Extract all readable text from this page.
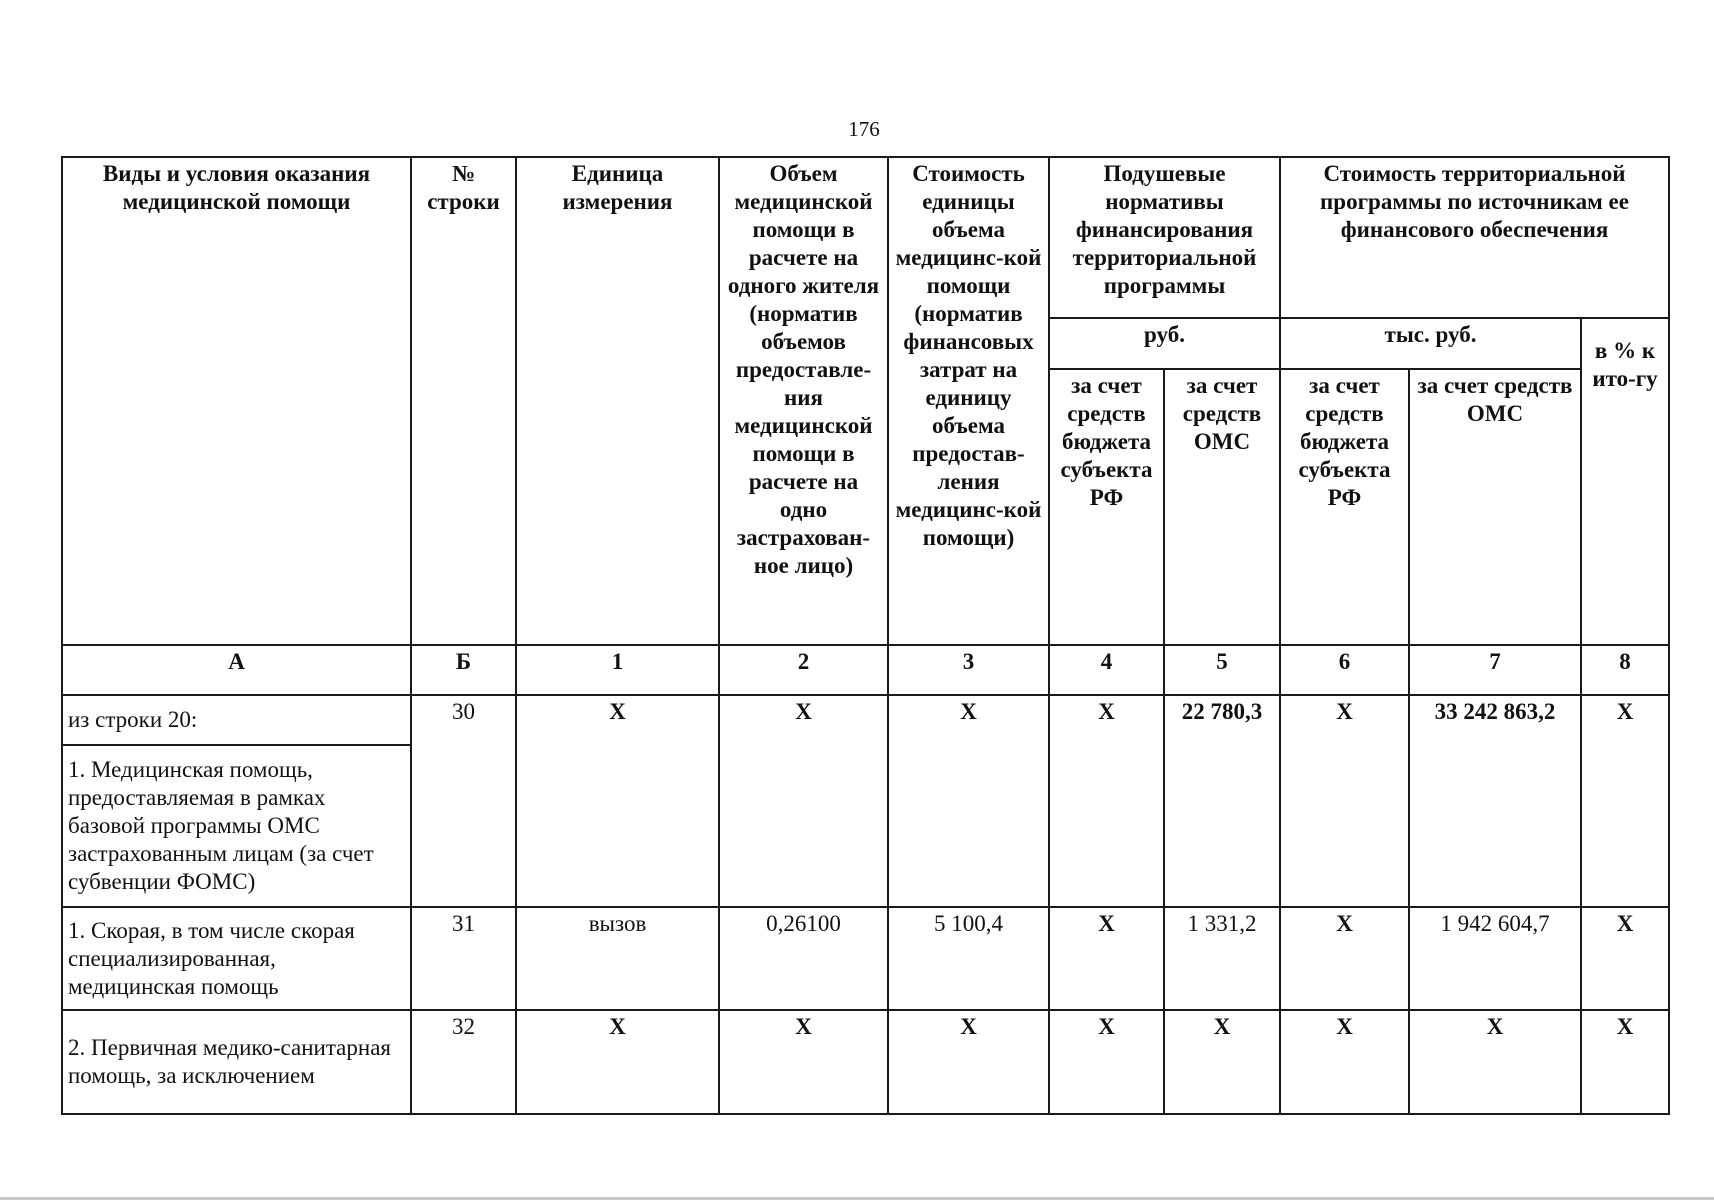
176
Виды и условия оказания медицинской помощи	№ строки	Единица измерения	Объем медицинской помощи в расчете на одного жителя (норматив объемов предоставле-ния медицинской помощи в расчете на одно застрахован-ное лицо)	Стоимость единицы объема медицинс-кой помощи (норматив финансовых затрат на единицу объема предостав-ления медицинс-кой помощи)	Подушевые нормативы финансирования территориальной программы		Стоимость территориальной программы по источникам ее финансового обеспечения		
					руб.		тыс. руб.		в % к ито-гу
					за счет средств бюджета субъекта РФ	за счет средств ОМС	за счет средств бюджета субъекта РФ	за счет средств ОМС	
А	Б	1	2	3	4	5	6	7	8
из строки 20:	30	X	X	X	X	22 780,3	X	33 242 863,2	X
1. Медицинская помощь, предоставляемая в рамках базовой программы ОМС застрахованным лицам (за счет субвенции ФОМС)									
1. Скорая, в том числе скорая специализированная, медицинская помощь	31	вызов	0,26100	5 100,4	X	1 331,2	X	1 942 604,7	X
2. Первичная медико-санитарная помощь, за исключением	32	X	X	X	X	X	X	X	X
